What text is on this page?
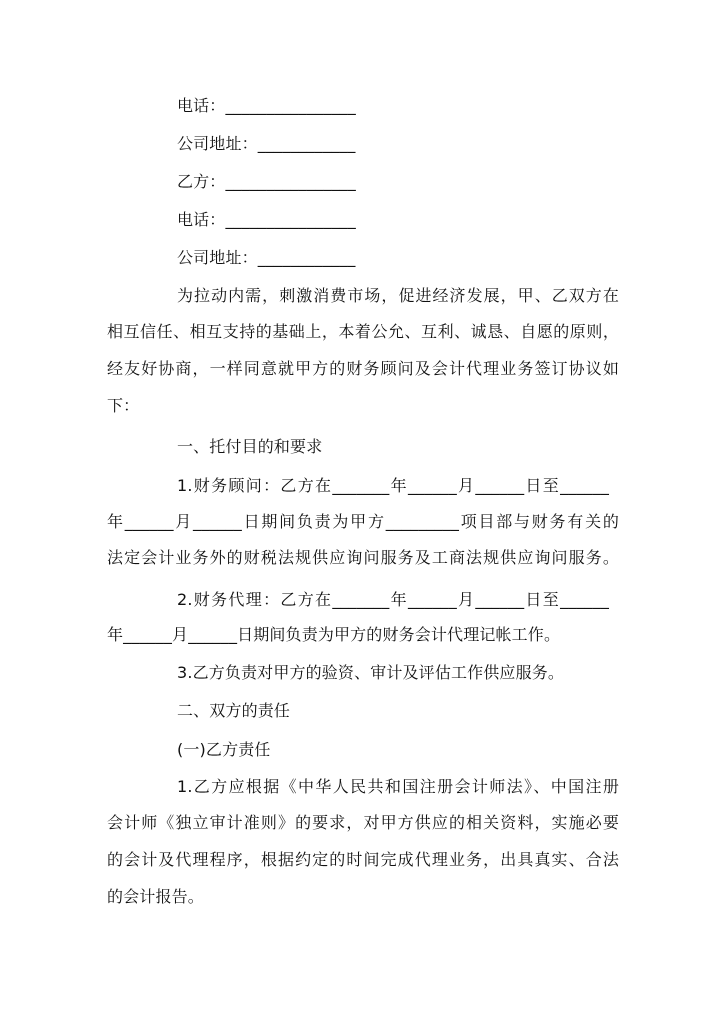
电话：________________
公司地址：____________
乙方：________________
电话：________________
公司地址：____________
为拉动内需，刺激消费市场，促进经济发展，甲、乙双方在
相互信任、相互支持的基础上，本着公允、互利、诚恳、自愿的原则，
经友好协商，一样同意就甲方的财务顾问及会计代理业务签订协议如
下：
一、托付目的和要求
1.财务顾问：乙方在_______年______月______日至______
年______月______日期间负责为甲方_________项目部与财务有关的
法定会计业务外的财税法规供应询问服务及工商法规供应询问服务。
2.财务代理：乙方在_______年______月______日至______
年______月______日期间负责为甲方的财务会计代理记帐工作。
3.乙方负责对甲方的验资、审计及评估工作供应服务。
二、双方的责任
(一)乙方责任
1.乙方应根据《中华人民共和国注册会计师法》、中国注册
会计师《独立审计准则》的要求，对甲方供应的相关资料，实施必要
的会计及代理程序，根据约定的时间完成代理业务，出具真实、合法
的会计报告。
